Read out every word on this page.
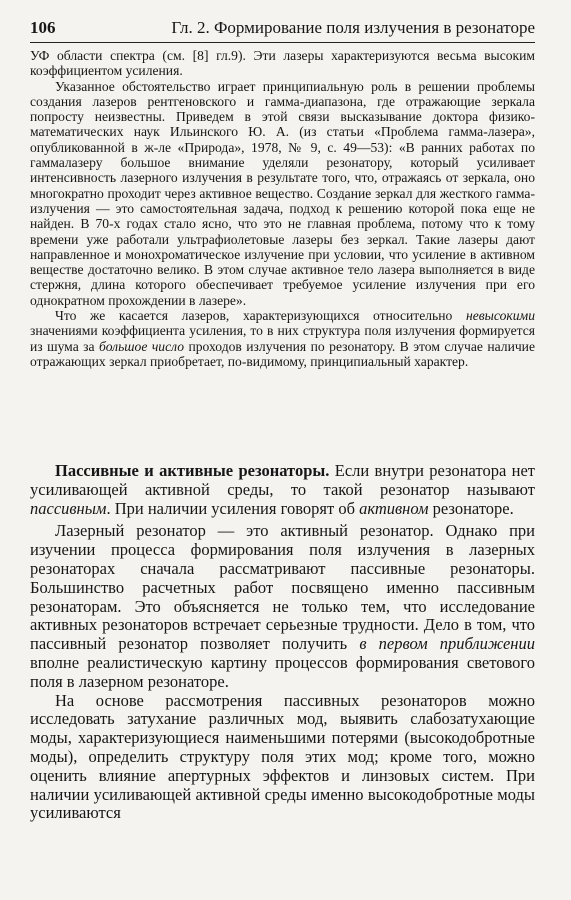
106	Гл. 2. Формирование поля излучения в резонаторе

УФ области спектра (см. [8] гл.9). Эти лазеры характеризуются весьма высоким коэффициентом усиления.

Указанное обстоятельство играет принципиальную роль в решении проблемы создания лазеров рентгеновского и гамма-диапазона, где отражающие зеркала попросту неизвестны. Приведем в этой связи высказывание доктора физико-математических наук Ильинского Ю. А. (из статьи «Проблема гамма-лазера», опубликованной в ж-ле «Природа», 1978, № 9, с. 49—53): «В ранних работах по гаммалазеру большое внимание уделяли резонатору, который усиливает интенсивность лазерного излучения в результате того, что, отражаясь от зеркала, оно многократно проходит через активное вещество. Создание зеркал для жесткого гамма-излучения — это самостоятельная задача, подход к решению которой пока еще не найден. В 70-х годах стало ясно, что это не главная проблема, потому что к тому времени уже работали ультрафиолетовые лазеры без зеркал. Такие лазеры дают направленное и монохроматическое излучение при условии, что усиление в активном веществе достаточно велико. В этом случае активное тело лазера выполняется в виде стержня, длина которого обеспечивает требуемое усиление излучения при его однократном прохождении в лазере».

Что же касается лазеров, характеризующихся относительно невысокими значениями коэффициента усиления, то в них структура поля излучения формируется из шума за большое число проходов излучения по резонатору. В этом случае наличие отражающих зеркал приобретает, по-видимому, принципиальный характер.

Пассивные и активные резонаторы. Если внутри резонатора нет усиливающей активной среды, то такой резонатор называют пассивным. При наличии усиления говорят об активном резонаторе.

Лазерный резонатор — это активный резонатор. Однако при изучении процесса формирования поля излучения в лазерных резонаторах сначала рассматривают пассивные резонаторы. Большинство расчетных работ посвящено именно пассивным резонаторам. Это объясняется не только тем, что исследование активных резонаторов встречает серьезные трудности. Дело в том, что пассивный резонатор позволяет получить в первом приближении вполне реалистическую картину процессов формирования светового поля в лазерном резонаторе.

На основе рассмотрения пассивных резонаторов можно исследовать затухание различных мод, выявить слабозатухающие моды, характеризующиеся наименьшими потерями (высокодобротные моды), определить структуру поля этих мод; кроме того, можно оценить влияние апертурных эффектов и линзовых систем. При наличии усиливающей активной среды именно высокодобротные моды усиливаются
